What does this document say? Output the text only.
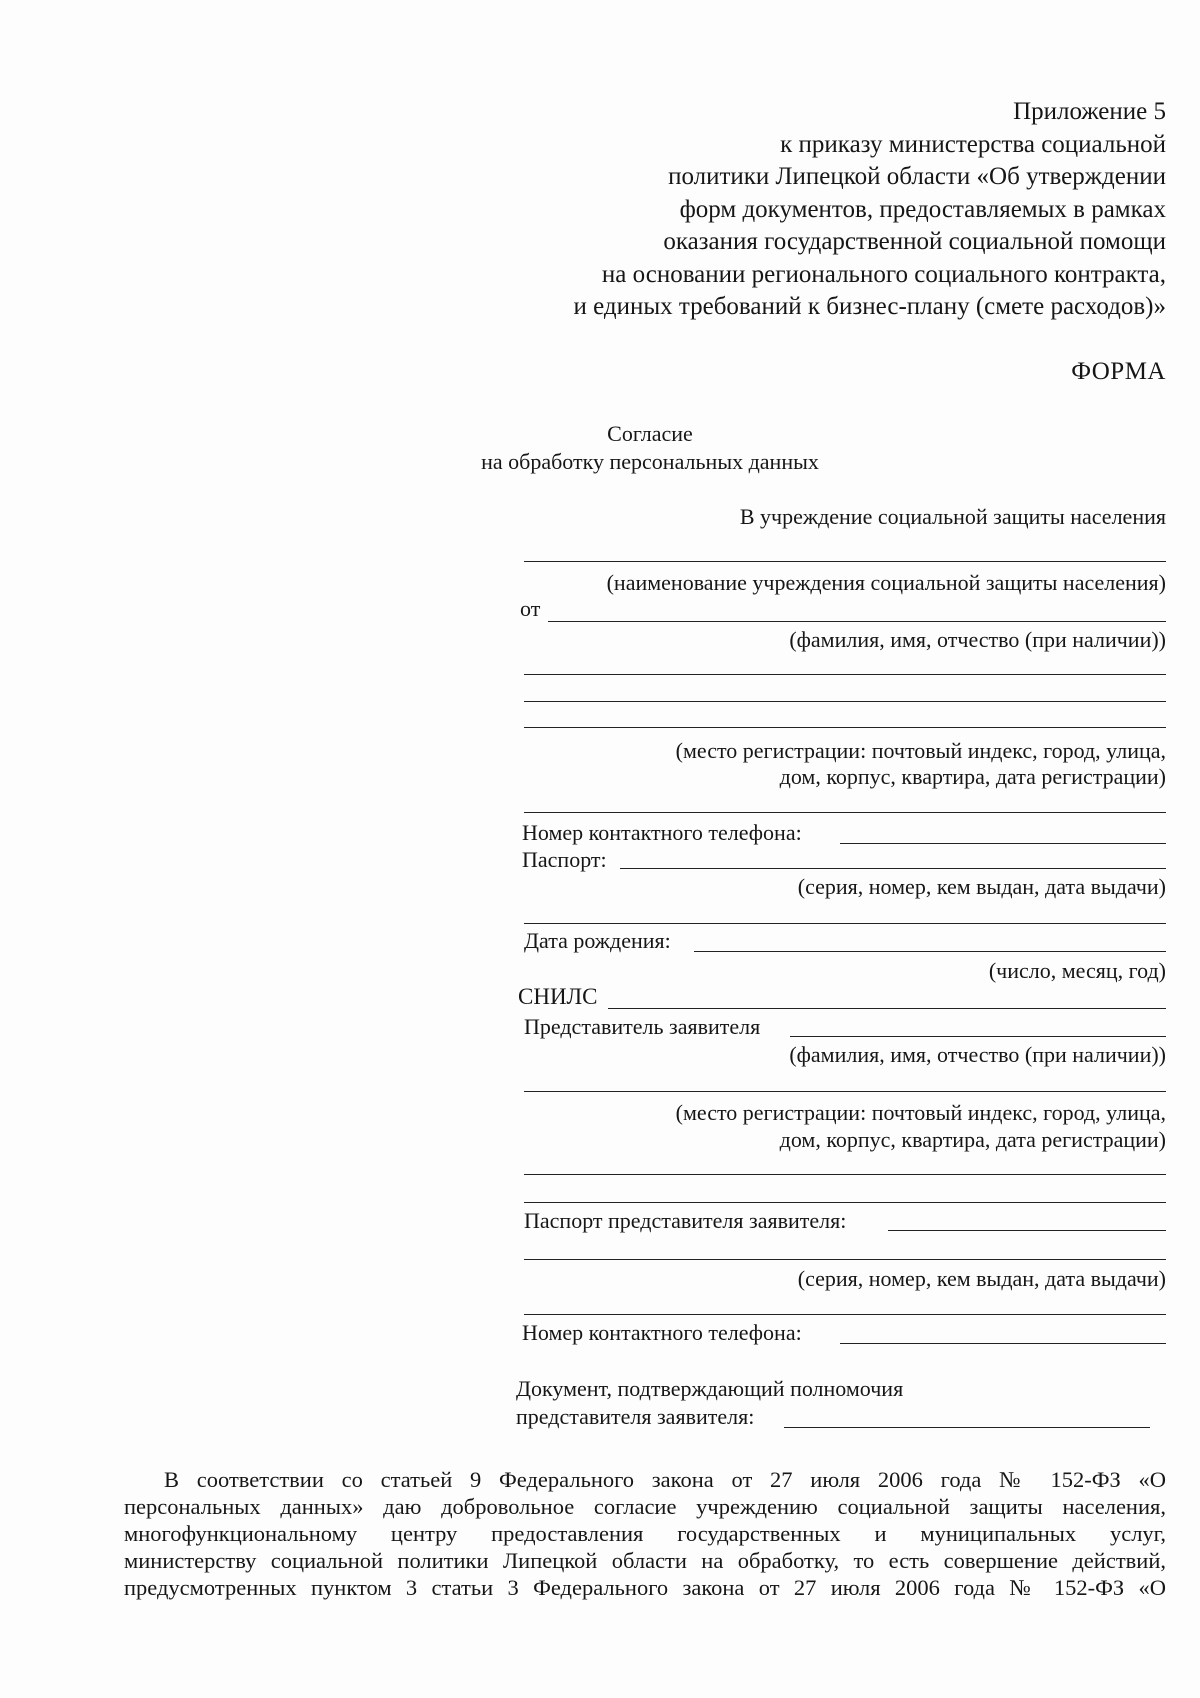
Приложение 5
к приказу министерства социальной
политики Липецкой области «Об утверждении
форм документов, предоставляемых в рамках
оказания государственной социальной помощи
на основании регионального социального контракта,
и единых требований к бизнес-плану (смете расходов)»
ФОРМА
Согласие
на обработку персональных данных
В учреждение социальной защиты населения
(наименование учреждения социальной защиты населения)
от
(фамилия, имя, отчество (при наличии))
(место регистрации: почтовый индекс, город, улица,
дом, корпус, квартира, дата регистрации)
Номер контактного телефона:
Паспорт:
(серия, номер, кем выдан, дата выдачи)
Дата рождения:
(число, месяц, год)
СНИЛС
Представитель заявителя
(фамилия, имя, отчество (при наличии))
(место регистрации: почтовый индекс, город, улица,
дом, корпус, квартира, дата регистрации)
Паспорт представителя заявителя:
(серия, номер, кем выдан, дата выдачи)
Номер контактного телефона:
Документ, подтверждающий полномочия
представителя заявителя:
В соответствии со статьей 9 Федерального закона от 27 июля 2006 года № 152-ФЗ «О
персональных данных» даю добровольное согласие учреждению социальной защиты населения,
многофункциональному центру предоставления государственных и муниципальных услуг,
министерству социальной политики Липецкой области на обработку, то есть совершение действий,
предусмотренных пунктом 3 статьи 3 Федерального закона от 27 июля 2006 года № 152-ФЗ «О
